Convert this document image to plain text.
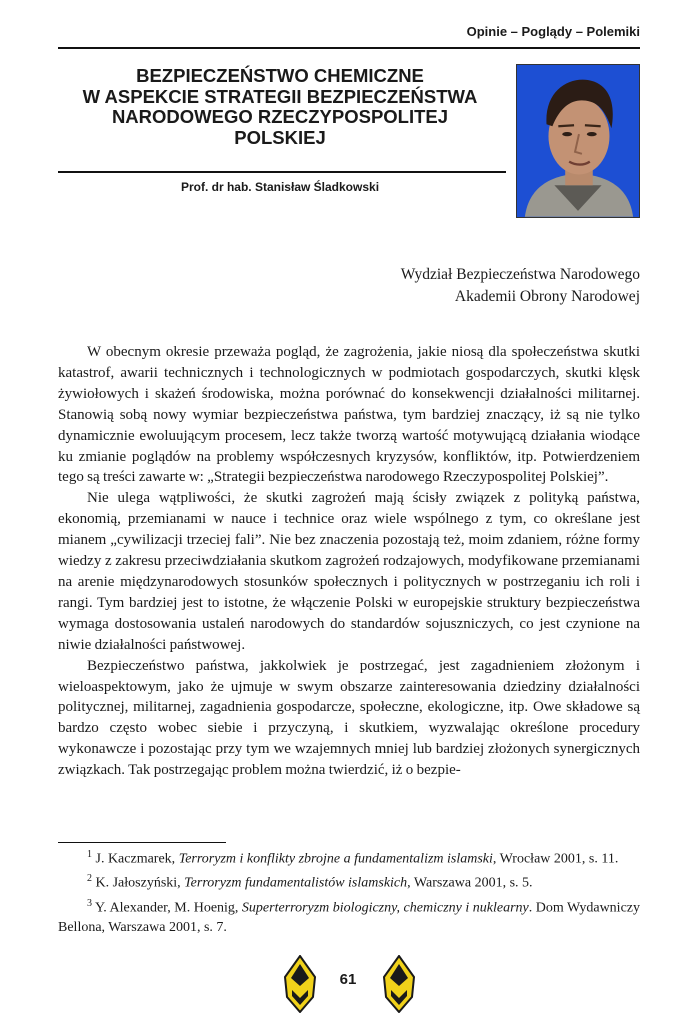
Opinie – Poglądy – Polemiki
BEZPIECZEŃSTWO CHEMICZNE
W ASPEKCIE STRATEGII BEZPIECZEŃSTWA
NARODOWEGO RZECZYPOSPOLITEJ
POLSKIEJ
Prof. dr hab. Stanisław Śladkowski
Wydział Bezpieczeństwa Narodowego
Akademii Obrony Narodowej

W obecnym okresie przeważa pogląd, że zagrożenia, jakie niosą dla społeczeństwa skutki katastrof, awarii technicznych i technologicznych w podmiotach gospodarczych, skutki klęsk żywiołowych i skażeń środowiska, można porównać do konsekwencji działalności militarnej. Stanowią sobą nowy wymiar bezpieczeństwa państwa, tym bardziej znaczący, iż są nie tylko dynamicznie ewoluującym procesem, lecz także tworzą wartość motywującą działania wiodące ku zmianie poglądów na problemy współczesnych kryzysów, konfliktów, itp. Potwierdzeniem tego są treści zawarte w: „Strategii bezpieczeństwa narodowego Rzeczypospolitej Polskiej”.

Nie ulega wątpliwości, że skutki zagrożeń mają ścisły związek z polityką państwa, ekonomią, przemianami w nauce i technice oraz wiele wspólnego z tym, co określane jest mianem „cywilizacji trzeciej fali”. Nie bez znaczenia pozostają też, moim zdaniem, różne formy wiedzy z zakresu przeciwdziałania skutkom zagrożeń rodzajowych, modyfikowane przemianami na arenie międzynarodowych stosunków społecznych i politycznych w postrzeganiu ich roli i rangi. Tym bardziej jest to istotne, że włączenie Polski w europejskie struktury bezpieczeństwa wymaga dostosowania ustaleń narodowych do standardów sojuszniczych, co jest czynione na niwie działalności państwowej.

Bezpieczeństwo państwa, jakkolwiek je postrzegać, jest zagadnieniem złożonym i wieloaspektowym, jako że ujmuje w swym obszarze zainteresowania dziedziny działalności politycznej, militarnej, zagadnienia gospodarcze, społeczne, ekologiczne, itp. Owe składowe są bardzo często wobec siebie i przyczyną, i skutkiem, wyzwalając określone procedury wykonawcze i pozostając przy tym we wzajemnych mniej lub bardziej złożonych synergicznych związkach. Tak postrzegając problem można twierdzić, iż o bezpie-

$^1$ J. Kaczmarek, Terroryzm i konflikty zbrojne a fundamentalizm islamski, Wrocław 2001, s. 11.

$^2$ K. Jałoszyński, Terroryzm fundamentalistów islamskich, Warszawa 2001, s. 5.

$^3$ Y. Alexander, M. Hoenig, Superterroryzm biologiczny, chemiczny i nuklearny. Dom Wydawniczy Bellona, Warszawa 2001, s. 7.

61
